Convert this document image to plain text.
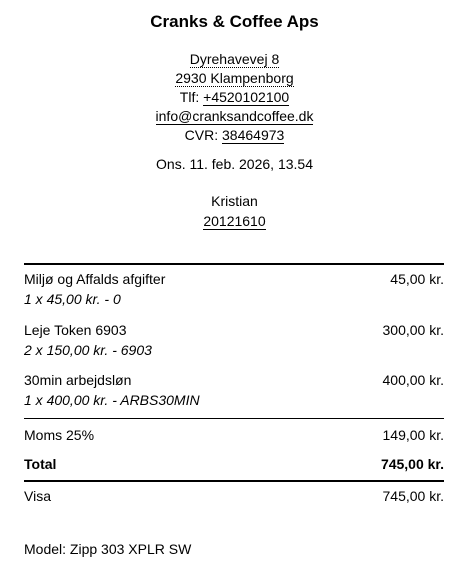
Cranks & Coffee Aps
Dyrehavevej 8
2930 Klampenborg
Tlf: +4520102100
info@cranksandcoffee.dk
CVR: 38464973
Ons. 11. feb. 2026, 13.54
Kristian
20121610
Miljø og Affalds afgifter	45,00 kr.
1 x 45,00 kr. - 0
Leje Token 6903	300,00 kr.
2 x 150,00 kr. - 6903
30min arbejdsløn	400,00 kr.
1 x 400,00 kr. - ARBS30MIN
Moms 25%	149,00 kr.
Total	745,00 kr.
Visa	745,00 kr.
Model: Zipp 303 XPLR SW
